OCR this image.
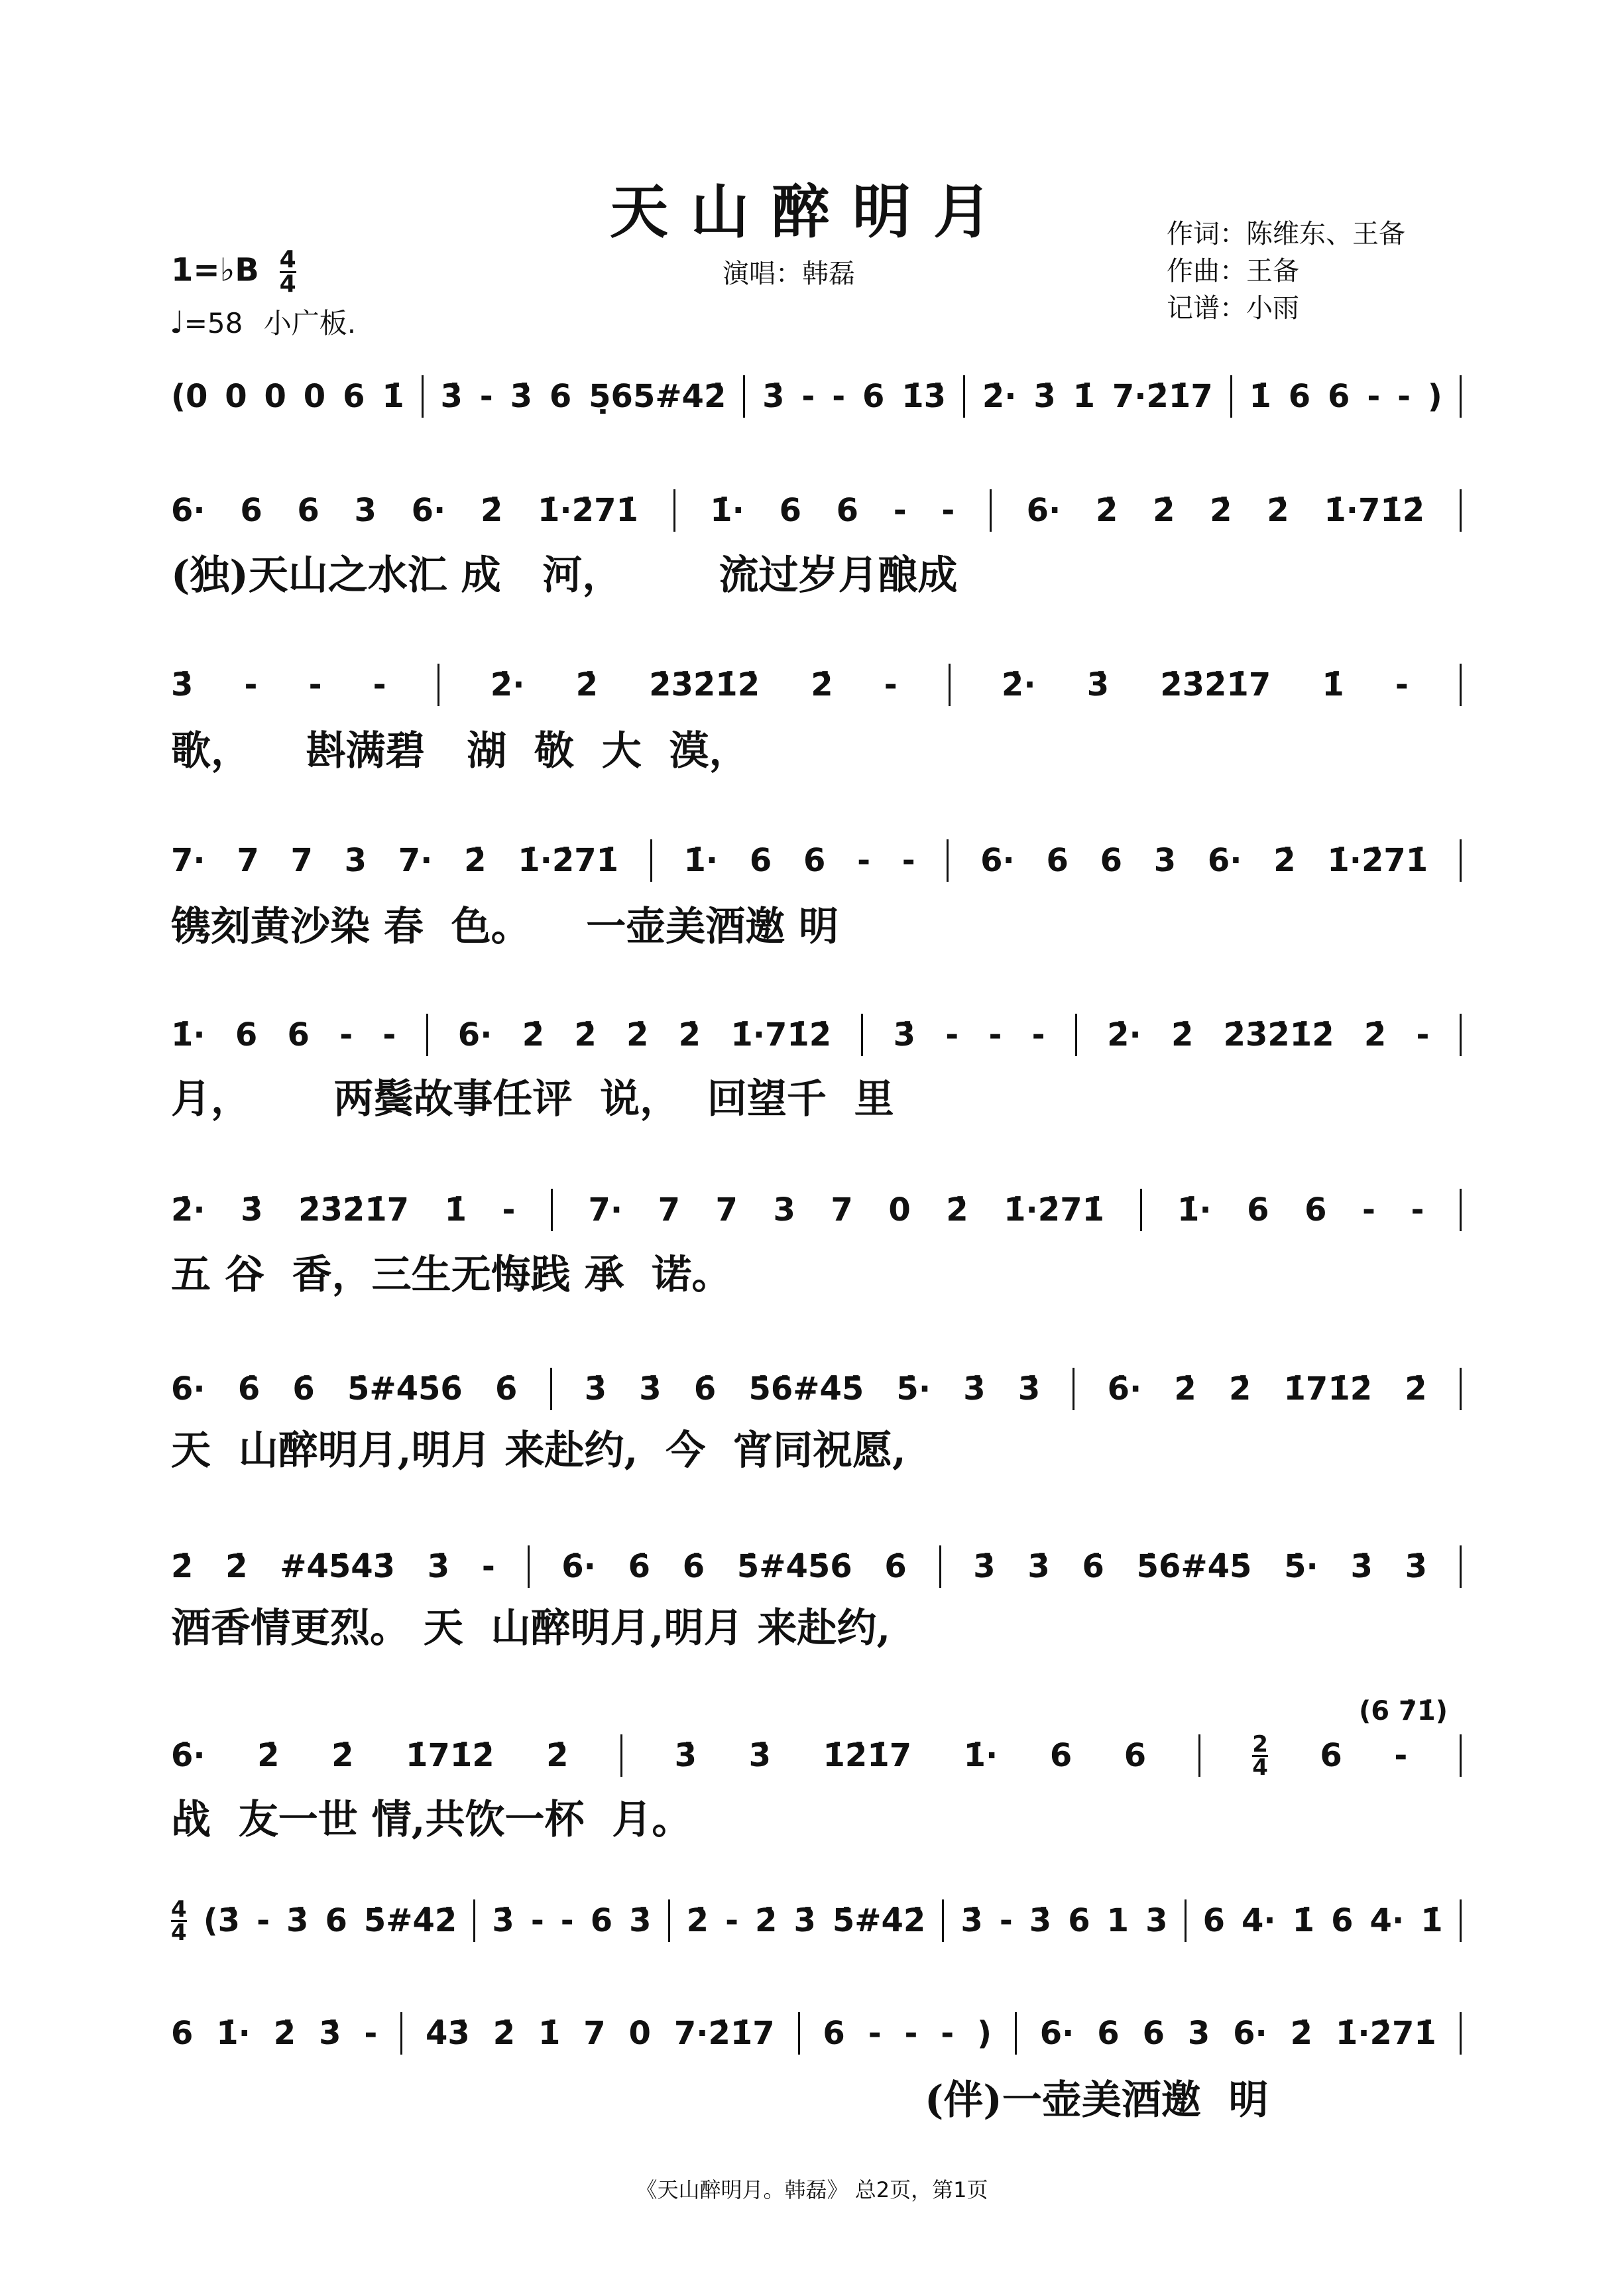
天山醉明月
演唱：韩磊
作词：陈维东、王备
作曲：王备
记谱：小雨
1=♭B $\frac{4}{4}$
♩=58 小广板.
(0 0 0 0 6 1̇ 3̇ - 3̇ 6 5̣65#42̇ 3̇ - - 6 1̇3̇ 2̇· 3̇ 1̇ 7·2̇1̇7 1̇ 6 6 - - )
6· 6 6 3 6· 2̇ 1̇·2̇71̇ 1̇· 6 6 - - 6· 2̇ 2̇ 2̇ 2̇ 1̇·71̇2̇
3̇ - - -	2̇· 2̇ 2̇3̇2̇1̇2̇ 2̇ -	2̇· 3̇ 2̇3̇2̇1̇7 1̇ -
7· 7 7 3 7· 2̇ 1̇·2̇71̇ 1̇· 6 6 - - 6· 6 6 3 6· 2̇ 1̇·2̇71̇
1̇· 6 6 - - 6· 2̇ 2̇ 2̇ 2̇ 1̇·71̇2̇ 3̇ - - - 2̇· 2̇ 2̇3̇2̇1̇2̇ 2̇ -
2̇· 3̇ 2̇3̇2̇1̇7 1̇ - 7· 7 7 3 7 0 2̇ 1̇·2̇71̇ 1̇· 6 6 - -
6· 6̇ 6̇ 5̇#4̇5̇6̇ 6̇ 3̇ 3̇ 6̇ 5̇6̇#4̇5̇ 5̇· 3̇ 3̇ 6̇· 2̇ 2̇ 1̇71̇2̇ 2̇
2̇ 2̇ #4̇5̇4̇3̇ 3̇ - 6̇· 6̇ 6̇ 5̇#4̇5̇6̇ 6̇ 3̇ 3̇ 6̇ 5̇6̇#4̇5̇ 5̇· 3̇ 3̇
6̇· 2̇ 2̇ 1̇71̇2̇ 2̇	3̇ 3̇ 1̇2̇1̇7 1̇· 6 6	2

4 6 -
(6 7̇1̇)
4

4 (3̇ - 3̇ 6 5̇#4̇2̇ 3̇ - - 6 3̇ 2̇ - 2̇ 3̇ 5̇#4̇2̇ 3̇ - 3̇ 6 1 3 6 4· 1̇ 6 4· 1̇
6 1̇· 2̇ 3̇ - 4̇3̇ 2̇ 1̇ 7 0 7·2̇1̇7 6 - - - ) 6· 6 6 3 6· 2̇ 1̇·2̇71̇
(独)天山之水汇 成   河，       流过岁月酿成
歌，    斟满碧   湖  敬  大  漠，
镌刻黄沙染 春  色。    一壶美酒邀 明
月，      两鬓故事任评  说，  回望千  里
五 谷  香，三生无悔践 承  诺。
天  山醉明月,明月 来赴约,  今  宵同祝愿,
酒香情更烈。 天  山醉明月,明月 来赴约,
战  友一世 情,共饮一杯  月。
(伴)一壶美酒邀  明
《天山醉明月。韩磊》 总2页，第1页
